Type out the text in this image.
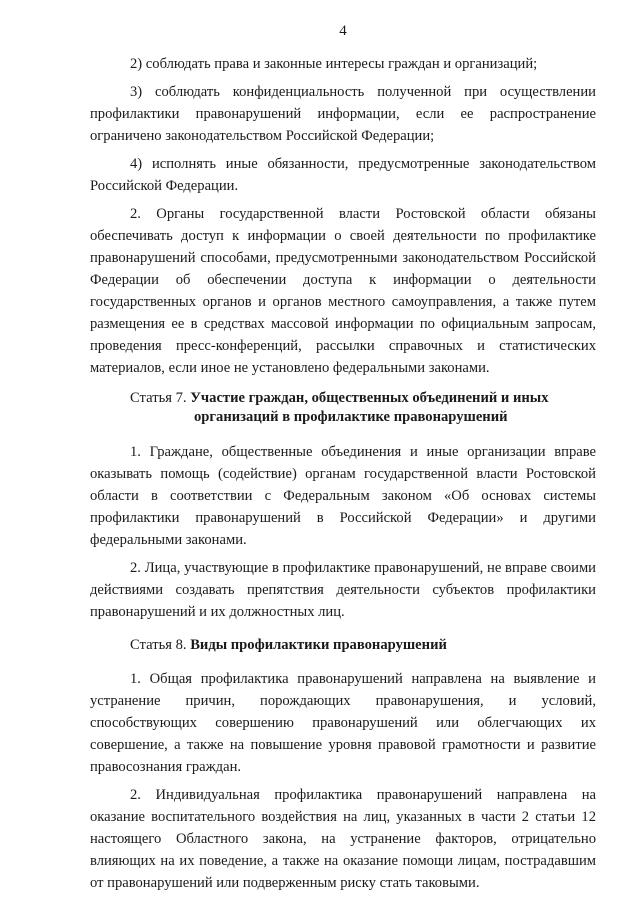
4

2) соблюдать права и законные интересы граждан и организаций;

3) соблюдать конфиденциальность полученной при осуществлении профилактики правонарушений информации, если ее распространение ограничено законодательством Российской Федерации;

4) исполнять иные обязанности, предусмотренные законодательством Российской Федерации.

2. Органы государственной власти Ростовской области обязаны обеспечивать доступ к информации о своей деятельности по профилактике правонарушений способами, предусмотренными законодательством Российской Федерации об обеспечении доступа к информации о деятельности государственных органов и органов местного самоуправления, а также путем размещения ее в средствах массовой информации по официальным запросам, проведения пресс-конференций, рассылки справочных и статистических материалов, если иное не установлено федеральными законами.

Статья 7. Участие граждан, общественных объединений и иных
организаций в профилактике правонарушений

1. Граждане, общественные объединения и иные организации вправе оказывать помощь (содействие) органам государственной власти Ростовской области в соответствии с Федеральным законом «Об основах системы профилактики правонарушений в Российской Федерации» и другими федеральными законами.

2. Лица, участвующие в профилактике правонарушений, не вправе своими действиями создавать препятствия деятельности субъектов профилактики правонарушений и их должностных лиц.

Статья 8. Виды профилактики правонарушений

1. Общая профилактика правонарушений направлена на выявление и устранение причин, порождающих правонарушения, и условий, способствующих совершению правонарушений или облегчающих их совершение, а также на повышение уровня правовой грамотности и развитие правосознания граждан.

2. Индивидуальная профилактика правонарушений направлена на оказание воспитательного воздействия на лиц, указанных в части 2 статьи 12 настоящего Областного закона, на устранение факторов, отрицательно влияющих на их поведение, а также на оказание помощи лицам, пострадавшим от правонарушений или подверженным риску стать таковыми.
